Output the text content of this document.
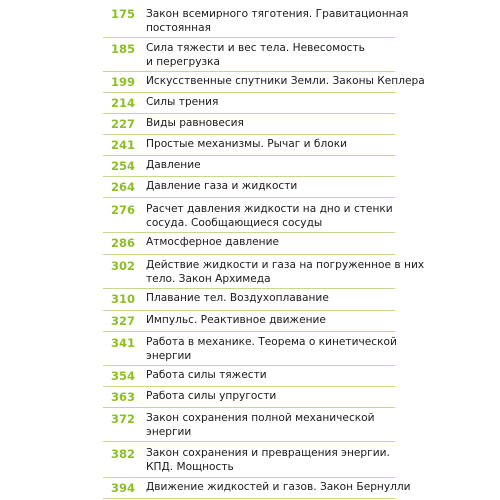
175	Закон всемирного тяготения. Гравитационная
постоянная
185	Сила тяжести и вес тела. Невесомость
и перегрузка
199	Искусственные спутники Земли. Законы Кеплера
214	Силы трения
227	Виды равновесия
241	Простые механизмы. Рычаг и блоки
254	Давление
264	Давление газа и жидкости
276	Расчет давления жидкости на дно и стенки
сосуда. Сообщающиеся сосуды
286	Атмосферное давление
302	Действие жидкости и газа на погруженное в них
тело. Закон Архимеда
310	Плавание тел. Воздухоплавание
327	Импульс. Реактивное движение
341	Работа в механике. Теорема о кинетической
энергии
354	Работа силы тяжести
363	Работа силы упругости
372	Закон сохранения полной механической
энергии
382	Закон сохранения и превращения энергии.
КПД. Мощность
394	Движение жидкостей и газов. Закон Бернулли
